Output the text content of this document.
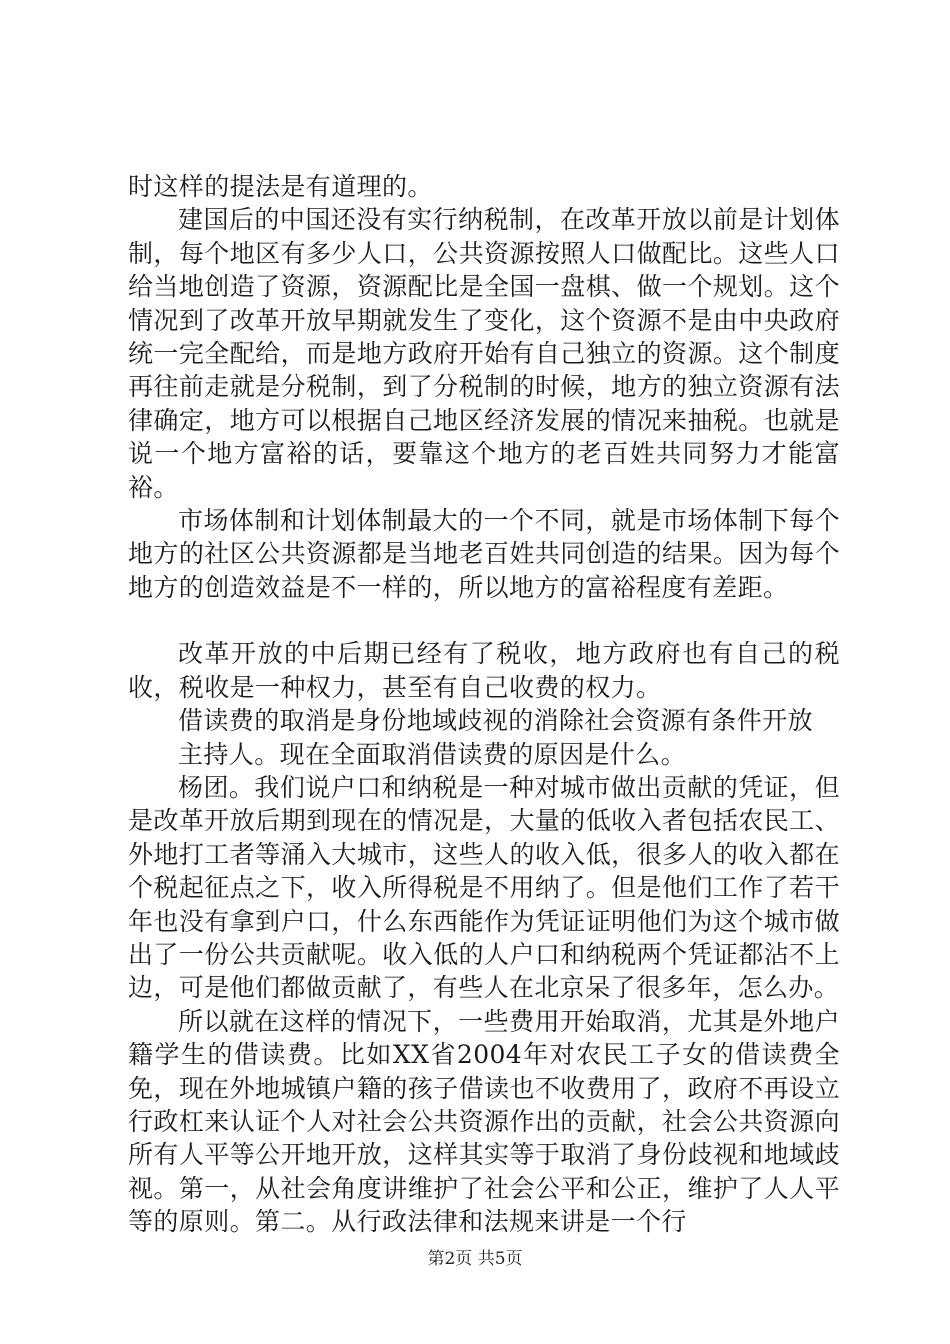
时这样的提法是有道理的。

建国后的中国还没有实行纳税制，在改革开放以前是计划体制，每个地区有多少人口，公共资源按照人口做配比。这些人口给当地创造了资源，资源配比是全国一盘棋、做一个规划。这个情况到了改革开放早期就发生了变化，这个资源不是由中央政府统一完全配给，而是地方政府开始有自己独立的资源。这个制度再往前走就是分税制，到了分税制的时候，地方的独立资源有法律确定，地方可以根据自己地区经济发展的情况来抽税。也就是说一个地方富裕的话，要靠这个地方的老百姓共同努力才能富裕。

市场体制和计划体制最大的一个不同，就是市场体制下每个地方的社区公共资源都是当地老百姓共同创造的结果。因为每个地方的创造效益是不一样的，所以地方的富裕程度有差距。

改革开放的中后期已经有了税收，地方政府也有自己的税收，税收是一种权力，甚至有自己收费的权力。

借读费的取消是身份地域歧视的消除社会资源有条件开放

主持人。现在全面取消借读费的原因是什么。

杨团。我们说户口和纳税是一种对城市做出贡献的凭证，但是改革开放后期到现在的情况是，大量的低收入者包括农民工、外地打工者等涌入大城市，这些人的收入低，很多人的收入都在个税起征点之下，收入所得税是不用纳了。但是他们工作了若干年也没有拿到户口，什么东西能作为凭证证明他们为这个城市做出了一份公共贡献呢。收入低的人户口和纳税两个凭证都沾不上边，可是他们都做贡献了，有些人在北京呆了很多年，怎么办。

所以就在这样的情况下，一些费用开始取消，尤其是外地户籍学生的借读费。比如XX省2004年对农民工子女的借读费全免，现在外地城镇户籍的孩子借读也不收费用了，政府不再设立行政杠来认证个人对社会公共资源作出的贡献，社会公共资源向所有人平等公开地开放，这样其实等于取消了身份歧视和地域歧视。第一，从社会角度讲维护了社会公平和公正，维护了人人平等的原则。第二。从行政法律和法规来讲是一个行

第2页 共5页
